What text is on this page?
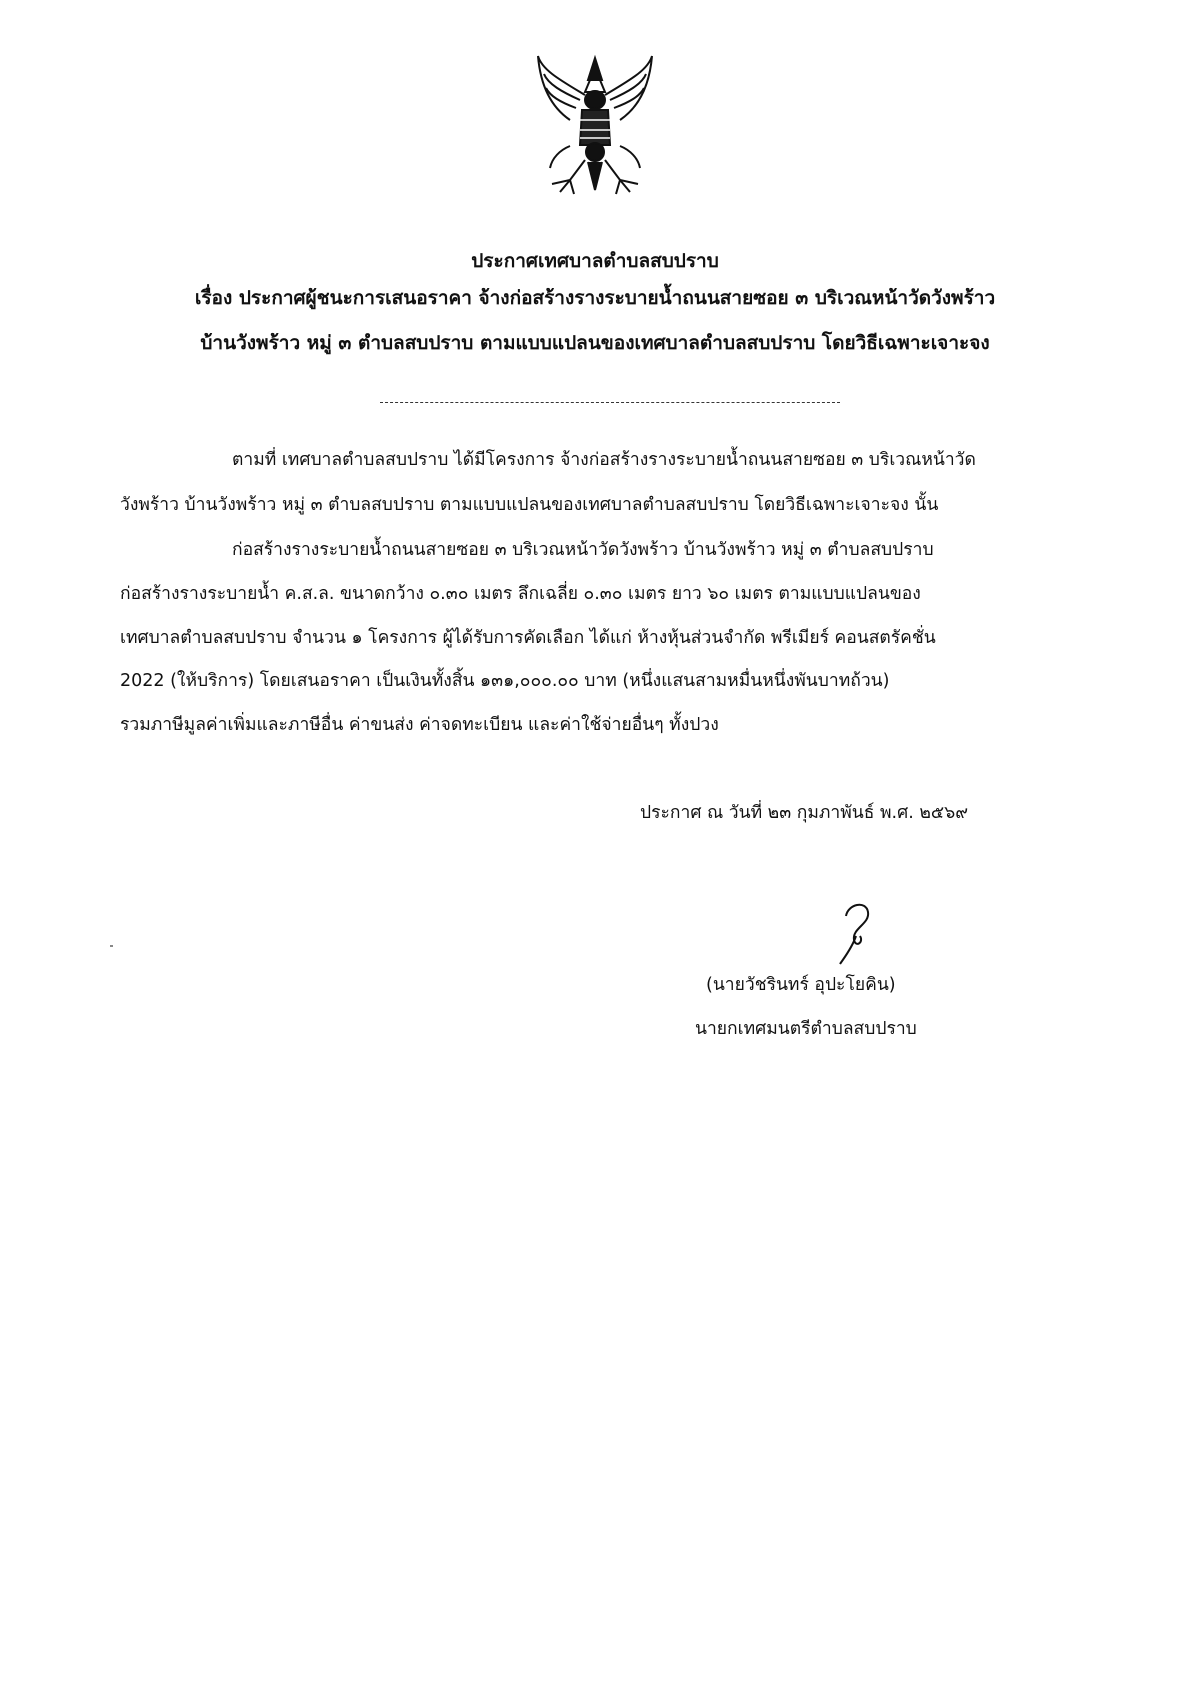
ประกาศเทศบาลตำบลสบปราบ
เรื่อง ประกาศผู้ชนะการเสนอราคา จ้างก่อสร้างรางระบายน้ำถนนสายซอย ๓ บริเวณหน้าวัดวังพร้าว
บ้านวังพร้าว หมู่ ๓ ตำบลสบปราบ ตามแบบแปลนของเทศบาลตำบลสบปราบ โดยวิธีเฉพาะเจาะจง
ตามที่ เทศบาลตำบลสบปราบ ได้มีโครงการ จ้างก่อสร้างรางระบายน้ำถนนสายซอย ๓ บริเวณหน้าวัด
วังพร้าว บ้านวังพร้าว หมู่ ๓ ตำบลสบปราบ ตามแบบแปลนของเทศบาลตำบลสบปราบ โดยวิธีเฉพาะเจาะจง นั้น
ก่อสร้างรางระบายน้ำถนนสายซอย ๓ บริเวณหน้าวัดวังพร้าว บ้านวังพร้าว หมู่ ๓ ตำบลสบปราบ
ก่อสร้างรางระบายน้ำ ค.ส.ล. ขนาดกว้าง ๐.๓๐ เมตร ลึกเฉลี่ย ๐.๓๐ เมตร ยาว ๖๐ เมตร ตามแบบแปลนของ
เทศบาลตำบลสบปราบ จำนวน ๑ โครงการ ผู้ได้รับการคัดเลือก ได้แก่ ห้างหุ้นส่วนจำกัด พรีเมียร์ คอนสตรัคชั่น
2022 (ให้บริการ) โดยเสนอราคา เป็นเงินทั้งสิ้น ๑๓๑,๐๐๐.๐๐ บาท (หนึ่งแสนสามหมื่นหนึ่งพันบาทถ้วน)
รวมภาษีมูลค่าเพิ่มและภาษีอื่น ค่าขนส่ง ค่าจดทะเบียน และค่าใช้จ่ายอื่นๆ ทั้งปวง
ประกาศ ณ วันที่ ๒๓ กุมภาพันธ์ พ.ศ. ๒๕๖๙
(นายวัชรินทร์ อุปะโยคิน)
นายกเทศมนตรีตำบลสบปราบ
